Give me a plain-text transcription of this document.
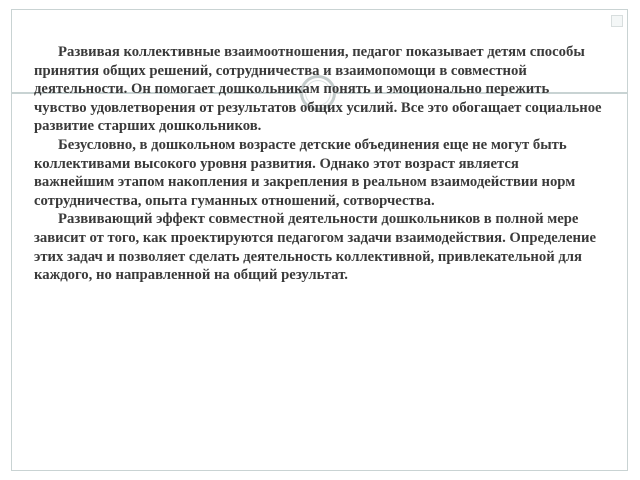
Развивая коллективные взаимоотношения, педагог показывает детям способы принятия общих решений, сотрудничества и взаимопомощи в совместной деятельности. Он помогает дошкольникам понять и эмоционально пережить чувство удовлетворения от результатов общих усилий. Все это обогащает социальное развитие старших дошкольников.

Безусловно, в дошкольном возрасте детские объединения еще не могут быть коллективами высокого уровня развития. Однако этот возраст является важнейшим этапом накопления и закрепления в реальном взаимодействии норм сотрудничества, опыта гуманных отношений, сотворчества.

Развивающий эффект совместной деятельности дошкольников в полной мере зависит от того, как проектируются педагогом задачи взаимодействия. Определение этих задач и позволяет сделать деятельность коллективной, привлекательной для каждого, но направленной на общий результат.
